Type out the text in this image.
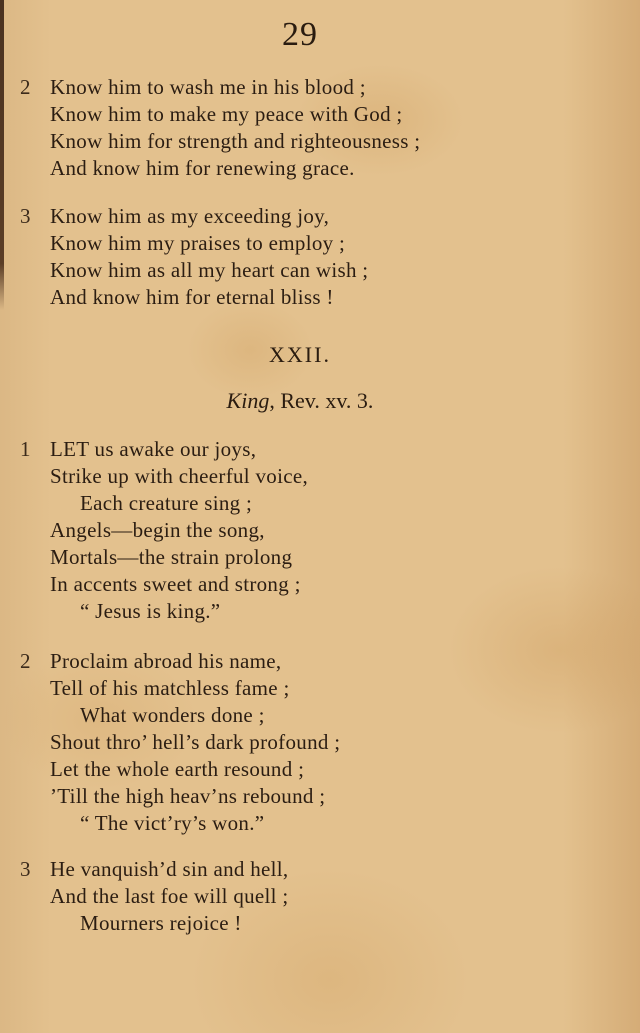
29
2 Know him to wash me in his blood ;
Know him to make my peace with God ;
Know him for strength and righteousness ;
And know him for renewing grace.
3 Know him as my exceeding joy,
Know him my praises to employ ;
Know him as all my heart can wish ;
And know him for eternal bliss !
XXII.
King, Rev. xv. 3.
1 LET us awake our joys,
Strike up with cheerful voice,
Each creature sing ;
Angels—begin the song,
Mortals—the strain prolong
In accents sweet and strong ;
“ Jesus is king.”
2 Proclaim abroad his name,
Tell of his matchless fame ;
What wonders done ;
Shout thro’ hell’s dark profound ;
Let the whole earth resound ;
’Till the high heav’ns rebound ;
“ The vict’ry’s won.”
3 He vanquish’d sin and hell,
And the last foe will quell ;
Mourners rejoice !
